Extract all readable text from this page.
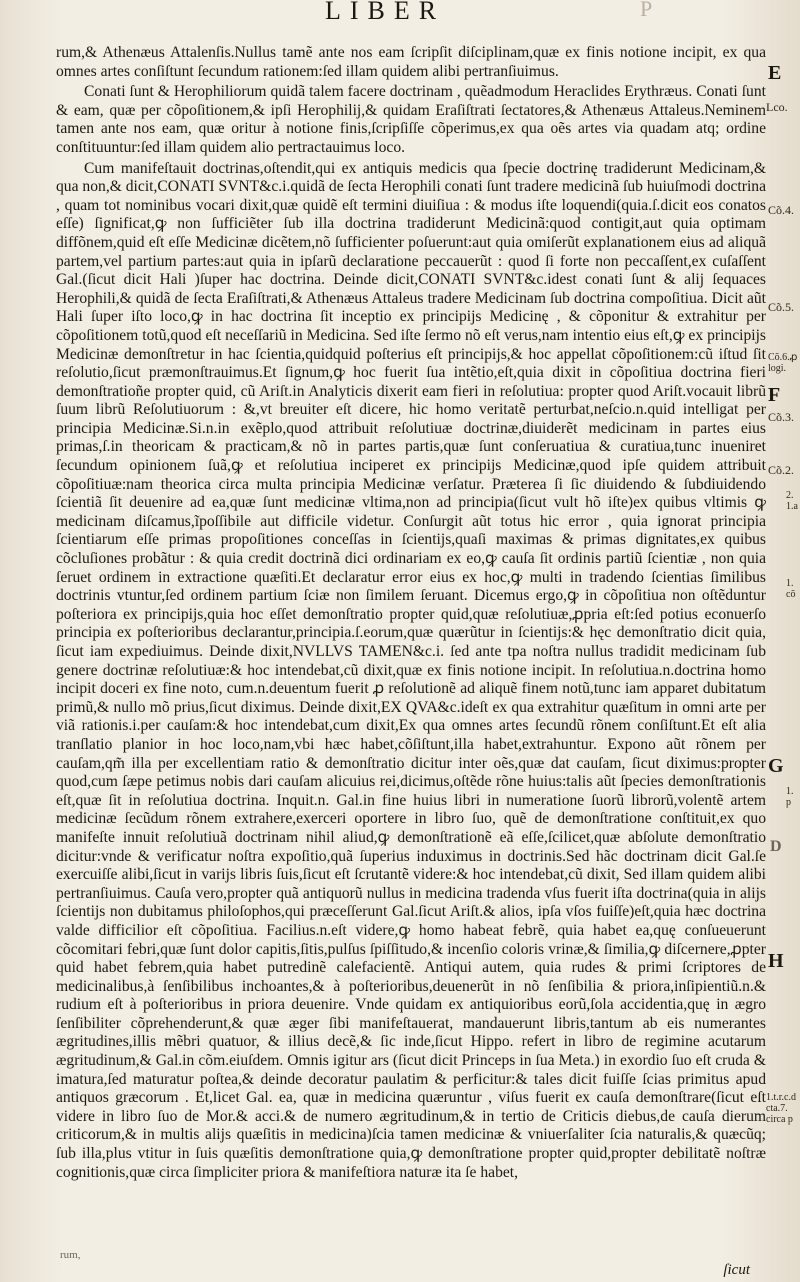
LIBER	P

rum,& Athenæus Attalenſis.Nullus tamẽ ante nos eam ſcripſit diſciplinam,quæ ex finis notione incipit, ex qua omnes artes conſiſtunt ſecundum rationem:ſed illam quidem alibi pertranſiuimus.

Conati ſunt & Herophiliorum quidã talem facere doctrinam , quẽadmodum Heraclides Erythræus. Conati ſunt & eam, quæ per cõpoſitionem,& ipſi Herophilij,& quidam Eraſiſtrati ſectatores,& Athenæus Attaleus.Neminem tamen ante nos eam, quæ oritur à notione finis,ſcripſiſſe cõperimus,ex qua oẽs artes via quadam atq; ordine conſtituuntur:ſed illam quidem alio pertractauimus loco.

Cum manifeſtauit doctrinas,oſtendit,qui ex antiquis medicis qua ſpecie doctrinę tradiderunt Medicinam,& qua non,& dicit,CONATI SVNT&c.i.quidã de ſecta Herophili conati ſunt tradere medicinã ſub huiuſmodi doctrina , quam tot nominibus vocari dixit,quæ quidẽ eſt termini diuiſiua : & modus iſte loquendi(quia.ſ.dicit eos conatos eſſe) ſignificat,ꝙ non ſufficiẽter ſub illa doctrina tradiderunt Medicinã:quod contigit,aut quia optimam diffõnem,quid eſt eſſe Medicinæ dicẽtem,nõ ſufficienter poſuerunt:aut quia omiſerũt explanationem eius ad aliquã partem,vel partium partes:aut quia in ipſarũ declaratione peccauerũt : quod ſi forte non peccaſſent,ex cuſaſſent Gal.(ſicut dicit Hali )ſuper hac doctrina. Deinde dicit,CONATI SVNT&c.idest conati ſunt & alij ſequaces Herophili,& quidã de ſecta Eraſiſtrati,& Athenæus Attaleus tradere Medicinam ſub doctrina compoſitiua. Dicit aũt Hali ſuper iſto loco,ꝙ in hac doctrina ſit inceptio ex principijs Medicinę , & cõponitur & extrahitur per cõpoſitionem totũ,quod eſt neceſſariũ in Medicina. Sed iſte ſermo nõ eſt verus,nam intentio eius eſt,ꝙ ex principijs Medicinæ demonſtretur in hac ſcientia,quidquid poſterius eſt principijs,& hoc appellat cõpoſitionem:cũ iſtud ſit reſolutio,ſicut præmonſtrauimus.Et ſignum,ꝙ hoc fuerit ſua intẽtio,eſt,quia dixit in cõpoſitiua doctrina fieri demonſtratioñe propter quid, cũ Ariſt.in Analyticis dixerit eam fieri in reſolutiua: propter quod Ariſt.vocauit librũ ſuum librũ Reſolutiuorum : &,vt breuiter eſt dicere, hic homo veritatẽ perturbat,neſcio.n.quid intelligat per principia Medicinæ.Si.n.in exẽplo,quod attribuit reſolutiuæ doctrinæ,diuiderẽt medicinam in partes eius primas,ſ.in theoricam & practicam,& nõ in partes partis,quæ ſunt conſeruatiua & curatiua,tunc inueniret ſecundum opinionem ſuã,ꝙ et reſolutiua inciperet ex principijs Medicinæ,quod ipſe quidem attribuit cõpoſitiuæ:nam theorica circa multa principia Medicinæ verſatur. Præterea ſi ſic diuidendo & ſubdiuidendo ſcientiã ſit deuenire ad ea,quæ ſunt medicinæ vltima,non ad principia(ſicut vult hõ iſte)ex quibus vltimis ꝙ medicinam diſcamus,ĩpoſſibile aut difficile videtur. Conſurgit aũt totus hic error , quia ignorat principia ſcientiarum eſſe primas propoſitiones conceſſas in ſcientijs,quaſi maximas & primas dignitates,ex quibus cõcluſiones probãtur : & quia credit doctrinã dici ordinariam ex eo,ꝙ cauſa ſit ordinis partiũ ſcientiæ , non quia ſeruet ordinem in extractione quæſiti.Et declaratur error eius ex hoc,ꝙ multi in tradendo ſcientias ſimilibus doctrinis vtuntur,ſed ordinem partium ſciæ non ſimilem ſeruant. Dicemus ergo,ꝙ in cõpoſitiua non oſtẽduntur poſteriora ex principijs,quia hoc eſſet demonſtratio propter quid,quæ reſolutiuæ,ꝓpria eſt:ſed potius econuerſo principia ex poſterioribus declarantur,principia.ſ.eorum,quæ quærũtur in ſcientijs:& hęc demonſtratio dicit quia, ſicut iam expediuimus. Deinde dixit,NVLLVS TAMEN&c.i. ſed ante tpa noſtra nullus tradidit medicinam ſub genere doctrinæ reſolutiuæ:& hoc intendebat,cũ dixit,quæ ex finis notione incipit. In reſolutiua.n.doctrina homo incipit doceri ex fine noto, cum.n.deuentum fuerit ꝓ reſolutionẽ ad aliquẽ finem notũ,tunc iam apparet dubitatum primũ,& nullo mõ prius,ſicut diximus. Deinde dixit,EX QVA&c.ideſt ex qua extrahitur quæſitum in omni arte per viã rationis.i.per cauſam:& hoc intendebat,cum dixit,Ex qua omnes artes ſecundũ rõnem conſiſtunt.Et eſt alia tranſlatio planior in hoc loco,nam,vbi hæc habet,cõſiſtunt,illa habet,extrahuntur. Expono aũt rõnem per cauſam,qm̃ illa per excellentiam ratio & demonſtratio dicitur inter oẽs,quæ dat cauſam, ſicut diximus:propter quod,cum ſæpe petimus nobis dari cauſam alicuius rei,dicimus,oſtẽde rõne huius:talis aũt ſpecies demonſtrationis eſt,quæ ſit in reſolutiua doctrina. Inquit.n. Gal.in fine huius libri in numeratione ſuorũ librorũ,volentẽ artem medicinæ ſecũdum rõnem extrahere,exerceri oportere in libro ſuo, quẽ de demonſtratione conſtituit,ex quo manifeſte innuit reſolutiuã doctrinam nihil aliud,ꝙ demonſtrationẽ eã eſſe,ſcilicet,quæ abſolute demonſtratio dicitur:vnde & verificatur noſtra expoſitio,quã ſuperius induximus in doctrinis.Sed hãc doctrinam dicit Gal.ſe exercuiſſe alibi,ſicut in varijs libris ſuis,ſicut eſt ſcrutantẽ videre:& hoc intendebat,cũ dixit, Sed illam quidem alibi pertranſiuimus. Cauſa vero,propter quã antiquorũ nullus in medicina tradenda vſus fuerit iſta doctrina(quia in alijs ſcientijs non dubitamus philoſophos,qui præceſſerunt Gal.ſicut Ariſt.& alios, ipſa vſos fuiſſe)eſt,quia hæc doctrina valde difficilior eſt cõpoſitiua. Facilius.n.eſt videre,ꝙ homo habeat febrẽ, quia habet ea,quę conſueuerunt cõcomitari febri,quæ ſunt dolor capitis,ſitis,pulſus ſpiſſitudo,& incenſio coloris vrinæ,& ſimilia,ꝙ diſcernere,ꝓpter quid habet febrem,quia habet putredinẽ calefacientẽ. Antiqui autem, quia rudes & primi ſcriptores de medicinalibus,à ſenſibilibus inchoantes,& à poſterioribus,deuenerũt in nõ ſenſibilia & priora,inſipientiũ.n.& rudium eſt à poſterioribus in priora deuenire. Vnde quidam ex antiquioribus eorũ,ſola accidentia,quę in ægro ſenſibiliter cõprehenderunt,& quæ æger ſibi manifeſtauerat, mandauerunt libris,tantum ab eis numerantes ægritudines,illis mẽbri quatuor, & illius decẽ,& ſic inde,ſicut Hippo. refert in libro de regimine acutarum ægritudinum,& Gal.in cõm.eiuſdem. Omnis igitur ars (ſicut dicit Princeps in ſua Meta.) in exordio ſuo eſt cruda & imatura,ſed maturatur poſtea,& deinde decoratur paulatim & perficitur:& tales dicit fuiſſe ſcias primitus apud antiquos græcorum . Et,licet Gal. ea, quæ in medicina quæruntur , viſus fuerit ex cauſa demonſtrare(ſicut eſt videre in libro ſuo de Mor.& acci.& de numero ægritudinum,& in tertio de Criticis diebus,de cauſa dierum criticorum,& in multis alijs quæſitis in medicina)ſcia tamen medicinæ & vniuerſaliter ſcia naturalis,& quæcũq; ſub illa,plus vtitur in ſuis quæſitis demonſtratione quia,ꝙ demonſtratione propter quid,propter debilitatẽ noſtræ cognitionis,quæ circa ſimpliciter priora & manifeſtiora naturæ ita ſe habet,

E
F
G
H
Lco.
Cõ.4.
Cõ.5.
Cõ.6.ꝓ logi.
Cõ.3.
Cõ.2.
2. 1.a
1. cõ
1. p
1.t.r.c.d cta.7. circa p
D
rum,
ſicut
